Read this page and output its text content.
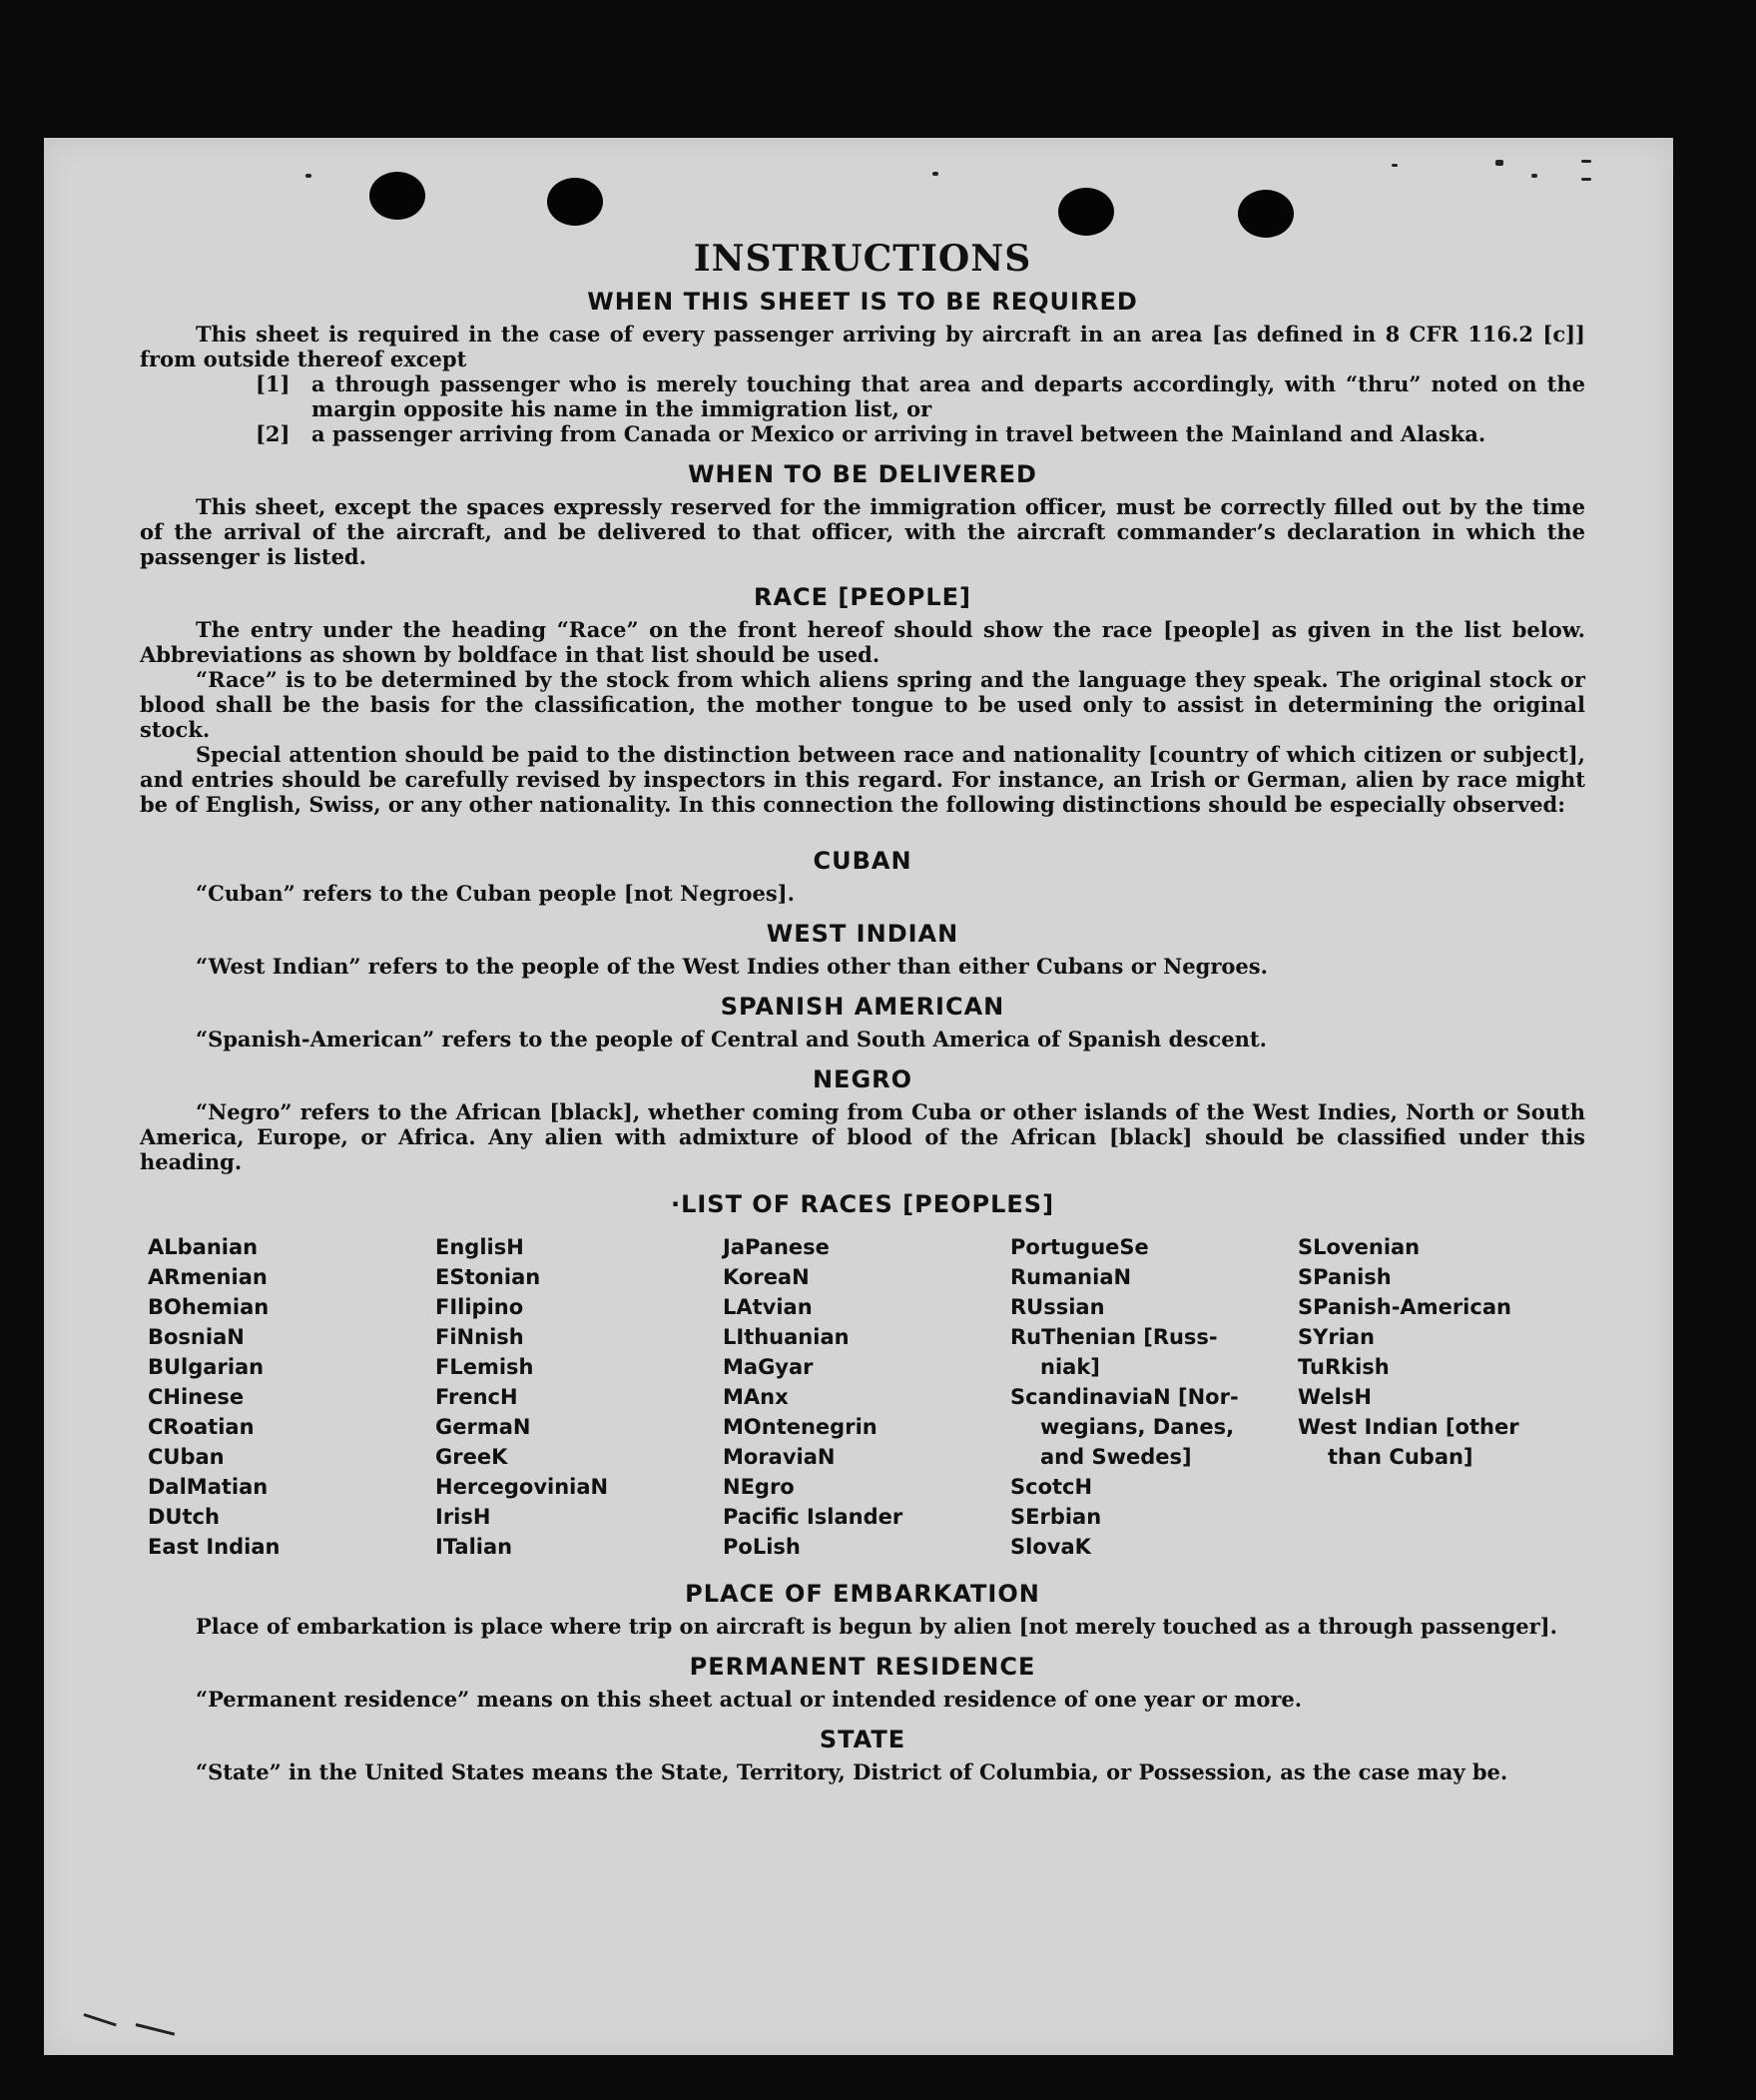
INSTRUCTIONS
WHEN THIS SHEET IS TO BE REQUIRED

This sheet is required in the case of every passenger arriving by aircraft in an area [as defined in 8 CFR 116.2 [c]] from outside thereof except

[1]	a through passenger who is merely touching that area and departs accordingly, with “thru” noted on the margin opposite his name in the immigration list, or
[2]	a passenger arriving from Canada or Mexico or arriving in travel between the Mainland and Alaska.
WHEN TO BE DELIVERED

This sheet, except the spaces expressly reserved for the immigration officer, must be correctly filled out by the time of the arrival of the aircraft, and be delivered to that officer, with the aircraft commander’s declaration in which the passenger is listed.

RACE [PEOPLE]

The entry under the heading “Race” on the front hereof should show the race [people] as given in the list below. Abbreviations as shown by boldface in that list should be used.

“Race” is to be determined by the stock from which aliens spring and the language they speak. The original stock or blood shall be the basis for the classification, the mother tongue to be used only to assist in determining the original stock.

Special attention should be paid to the distinction between race and nationality [country of which citizen or subject], and entries should be carefully revised by inspectors in this regard. For instance, an Irish or German, alien by race might be of English, Swiss, or any other nationality. In this connection the following distinctions should be especially observed:

CUBAN

“Cuban” refers to the Cuban people [not Negroes].

WEST INDIAN

“West Indian” refers to the people of the West Indies other than either Cubans or Negroes.

SPANISH AMERICAN

“Spanish-American” refers to the people of Central and South America of Spanish descent.

NEGRO

“Negro” refers to the African [black], whether coming from Cuba or other islands of the West Indies, North or South America, Europe, or Africa. Any alien with admixture of blood of the African [black] should be classified under this heading.

·LIST OF RACES [PEOPLES]
ALbanian
ARmenian
BOhemian
BosniaN
BUlgarian
CHinese
CRoatian
CUban
DalMatian
DUtch
East Indian
EnglisH
EStonian
FIlipino
FiNnish
FLemish
FrencH
GermaN
GreeK
HercegoviniaN
IrisH
ITalian
JaPanese
KoreaN
LAtvian
LIthuanian
MaGyar
MAnx
MOntenegrin
MoraviaN
NEgro
Pacific Islander
PoLish
PortugueSe
RumaniaN
RUssian
RuThenian [Russ-
niak]
ScandinaviaN [Nor-
wegians, Danes,
and Swedes]
ScotcH
SErbian
SlovaK
SLovenian
SPanish
SPanish-American
SYrian
TuRkish
WelsH
West Indian [other
than Cuban]
PLACE OF EMBARKATION

Place of embarkation is place where trip on aircraft is begun by alien [not merely touched as a through passenger].

PERMANENT RESIDENCE

“Permanent residence” means on this sheet actual or intended residence of one year or more.

STATE

“State” in the United States means the State, Territory, District of Columbia, or Possession, as the case may be.
